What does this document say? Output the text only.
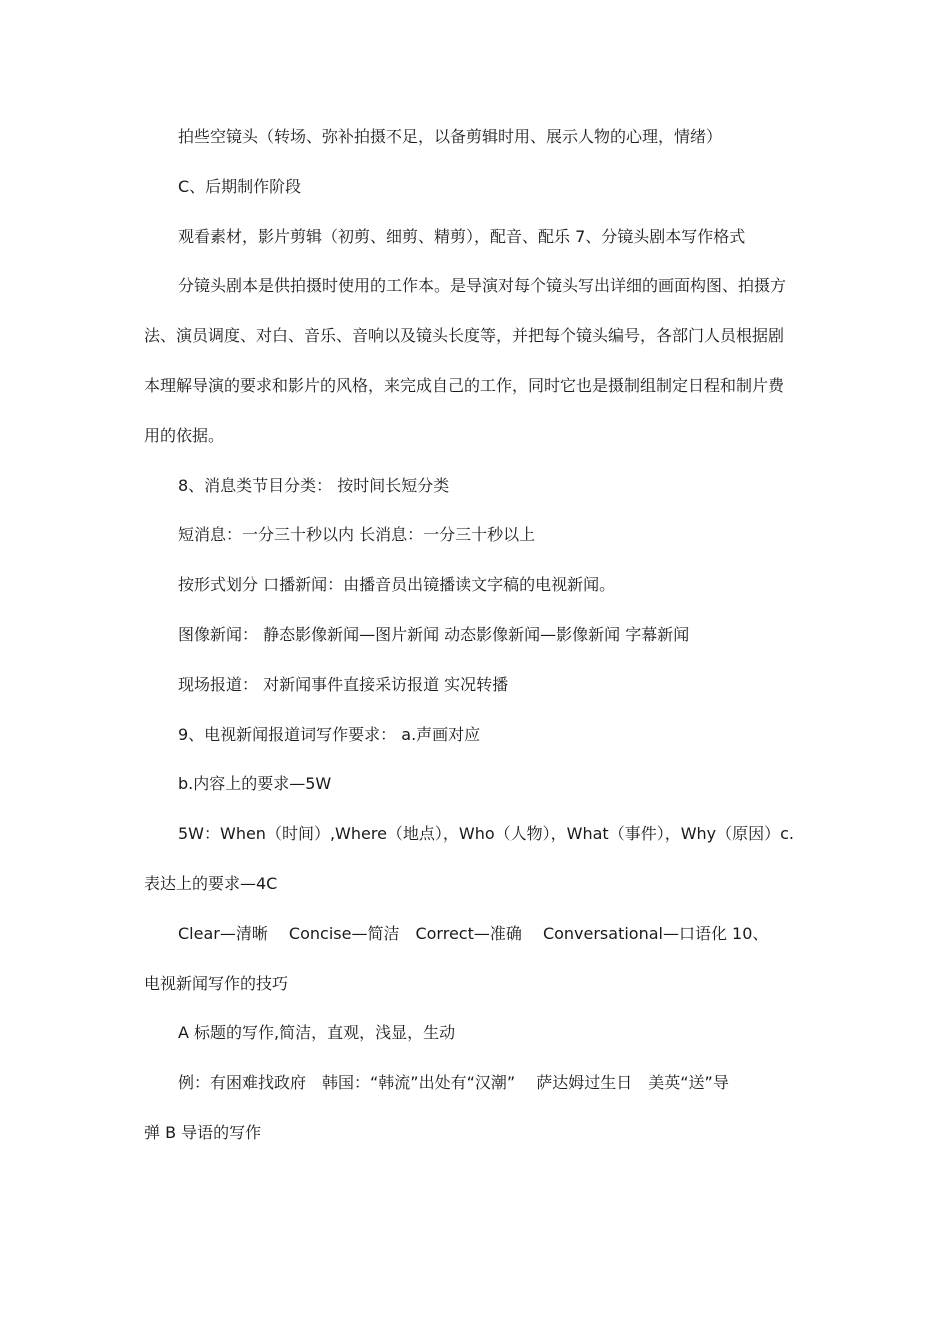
拍些空镜头（转场、弥补拍摄不足，以备剪辑时用、展示人物的心理，情绪）
C、后期制作阶段
观看素材，影片剪辑（初剪、细剪、精剪），配音、配乐 7、分镜头剧本写作格式
分镜头剧本是供拍摄时使用的工作本。是导演对每个镜头写出详细的画面构图、拍摄方
法、演员调度、对白、音乐、音响以及镜头长度等，并把每个镜头编号，各部门人员根据剧
本理解导演的要求和影片的风格，来完成自己的工作，同时它也是摄制组制定日程和制片费
用的依据。
8、消息类节目分类： 按时间长短分类
短消息：一分三十秒以内 长消息：一分三十秒以上
按形式划分 口播新闻：由播音员出镜播读文字稿的电视新闻。
图像新闻： 静态影像新闻—图片新闻 动态影像新闻—影像新闻 字幕新闻
现场报道： 对新闻事件直接采访报道 实况转播
9、电视新闻报道词写作要求： a.声画对应
b.内容上的要求—5W
5W：When（时间）,Where（地点），Who（人物），What（事件），Why（原因）c.
表达上的要求—4C
Clear—清晰　 Concise—简洁　Correct—准确　 Conversational—口语化 10、
电视新闻写作的技巧
A 标题的写作,简洁，直观，浅显，生动
例：有困难找政府　韩国：“韩流”出处有“汉潮”　 萨达姆过生日　美英“送”导
弹 B 导语的写作
